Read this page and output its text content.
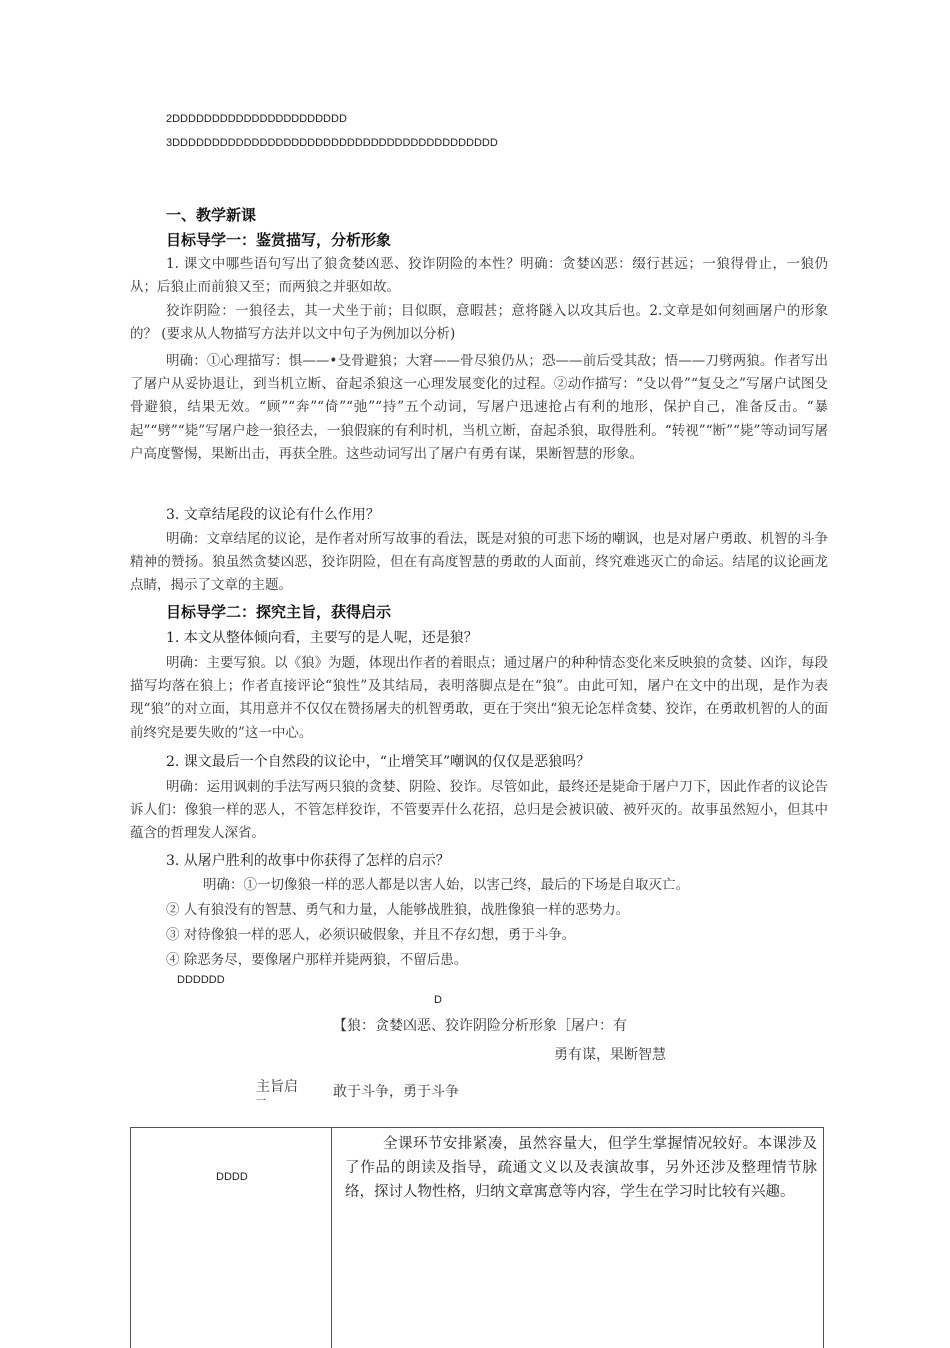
2DDDDDDDDDDDDDDDDDDDDDD
3DDDDDDDDDDDDDDDDDDDDDDDDDDDDDDDDDDDDDDDDD
一、教学新课
目标导学一：鉴赏描写，分析形象
1. 课文中哪些语句写出了狼贪婪凶恶、狡诈阴险的本性？明确：贪婪凶恶：缀行甚远；一狼得骨止，一狼仍从；后狼止而前狼又至；而两狼之并驱如故。
狡诈阴险：一狼径去，其一犬坐于前；目似瞑，意暇甚；意将隧入以攻其后也。2.文章是如何刻画屠户的形象的？ (要求从人物描写方法并以文中句子为例加以分析)
明确：①心理描写：惧——•殳骨避狼；大窘——骨尽狼仍从；恐——前后受其敌；悟——刀劈两狼。作者写出了屠户从妥协退让，到当机立断、奋起杀狼这一心理发展变化的过程。②动作描写：“殳以骨”“复殳之”写屠户试图殳骨避狼，结果无效。“顾”“奔”“倚”“弛”“持”五个动词，写屠户迅速抢占有利的地形，保护自己，准备反击。“暴起”“劈”“毙”写屠户趁一狼径去，一狼假寐的有利时机，当机立断，奋起杀狼，取得胜利。“转视”“断”“毙”等动词写屠户高度警惕，果断出击，再获全胜。这些动词写出了屠户有勇有谋，果断智慧的形象。
3. 文章结尾段的议论有什么作用？
明确：文章结尾的议论，是作者对所写故事的看法，既是对狼的可悲下场的嘲讽，也是对屠户勇敢、机智的斗争精神的赞扬。狼虽然贪婪凶恶，狡诈阴险，但在有高度智慧的勇敢的人面前，终究难逃灭亡的命运。结尾的议论画龙点睛，揭示了文章的主题。
目标导学二：探究主旨，获得启示
1. 本文从整体倾向看，主要写的是人呢，还是狼？
明确：主要写狼。以《狼》为题，体现出作者的着眼点；通过屠户的种种情态变化来反映狼的贪婪、凶诈，每段描写均落在狼上；作者直接评论“狼性”及其结局，表明落脚点是在“狼”。由此可知，屠户在文中的出现，是作为表现“狼”的对立面，其用意并不仅仅在赞扬屠夫的机智勇敢，更在于突出“狼无论怎样贪婪、狡诈，在勇敢机智的人的面前终究是要失败的”这一中心。
2. 课文最后一个自然段的议论中，“止增笑耳”嘲讽的仅仅是恶狼吗？
明确：运用讽刺的手法写两只狼的贪婪、阴险、狡诈。尽管如此，最终还是毙命于屠户刀下，因此作者的议论告诉人们：像狼一样的恶人，不管怎样狡诈，不管要弄什么花招，总归是会被识破、被歼灭的。故事虽然短小，但其中蕴含的哲理发人深省。
3. 从屠户胜利的故事中你获得了怎样的启示？
明确：①一切像狼一样的恶人都是以害人始，以害己终，最后的下场是自取灭亡。
② 人有狼没有的智慧、勇气和力量，人能够战胜狼，战胜像狼一样的恶势力。
③ 对待像狼一样的恶人，必须识破假象，并且不存幻想，勇于斗争。
④ 除恶务尽，要像屠户那样并毙两狼，不留后患。
DDDDDD
D
【狼：贪婪凶恶、狡诈阴险分析形象［屠户：有
勇有谋，果断智慧
主旨启
一
敢于斗争，勇于斗争
DDDD
全课环节安排紧凑，虽然容量大，但学生掌握情况较好。本课涉及了作品的朗读及指导，疏通文义以及表演故事，另外还涉及整理情节脉络，探讨人物性格，归纳文章寓意等内容，学生在学习时比较有兴趣。
